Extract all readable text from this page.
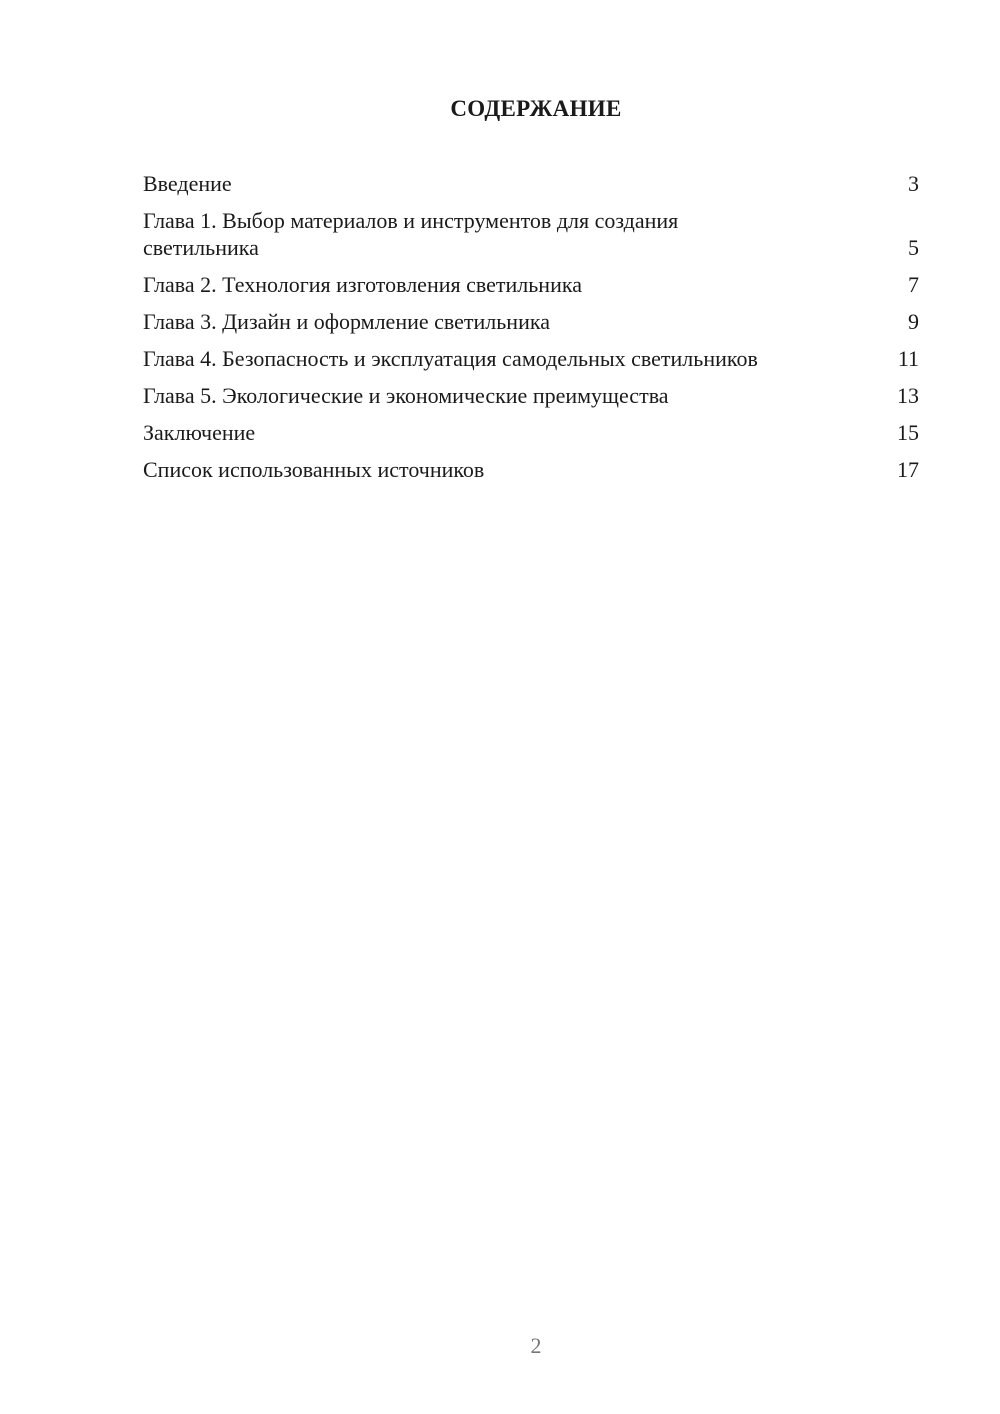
СОДЕРЖАНИЕ
Введение	3
Глава 1. Выбор материалов и инструментов для создания светильника	5
Глава 2. Технология изготовления светильника	7
Глава 3. Дизайн и оформление светильника	9
Глава 4. Безопасность и эксплуатация самодельных светильников	11
Глава 5. Экологические и экономические преимущества	13
Заключение	15
Список использованных источников	17
2
